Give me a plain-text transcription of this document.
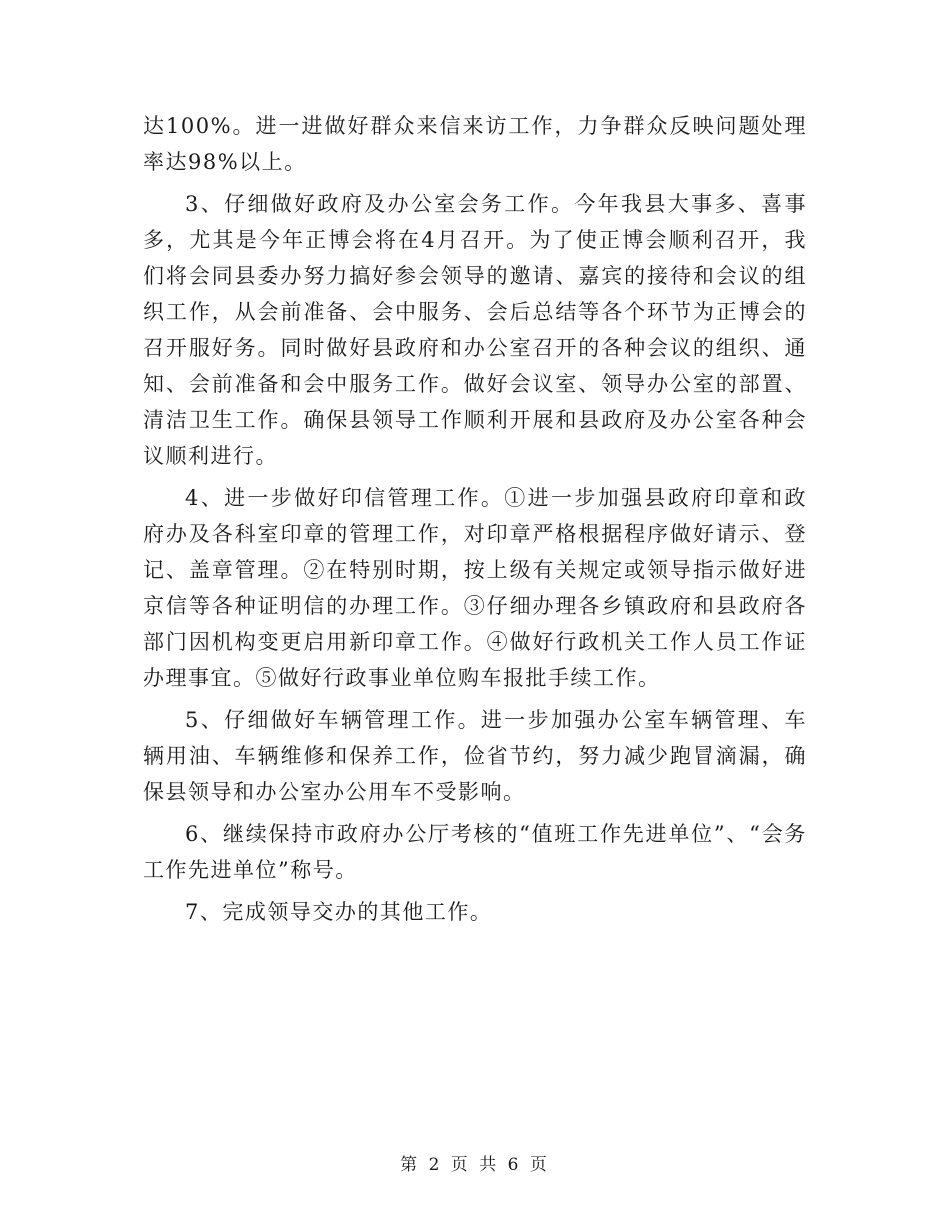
达100%。进一进做好群众来信来访工作，力争群众反映问题处理率达98%以上。

3、仔细做好政府及办公室会务工作。今年我县大事多、喜事多，尤其是今年正博会将在4月召开。为了使正博会顺利召开，我们将会同县委办努力搞好参会领导的邀请、嘉宾的接待和会议的组织工作，从会前准备、会中服务、会后总结等各个环节为正博会的召开服好务。同时做好县政府和办公室召开的各种会议的组织、通知、会前准备和会中服务工作。做好会议室、领导办公室的部置、清洁卫生工作。确保县领导工作顺利开展和县政府及办公室各种会议顺利进行。

4、进一步做好印信管理工作。①进一步加强县政府印章和政府办及各科室印章的管理工作，对印章严格根据程序做好请示、登记、盖章管理。②在特别时期，按上级有关规定或领导指示做好进京信等各种证明信的办理工作。③仔细办理各乡镇政府和县政府各部门因机构变更启用新印章工作。④做好行政机关工作人员工作证办理事宜。⑤做好行政事业单位购车报批手续工作。

5、仔细做好车辆管理工作。进一步加强办公室车辆管理、车辆用油、车辆维修和保养工作，俭省节约，努力减少跑冒滴漏，确保县领导和办公室办公用车不受影响。

6、继续保持市政府办公厅考核的“值班工作先进单位”、“会务工作先进单位”称号。

7、完成领导交办的其他工作。

第 2 页 共 6 页
